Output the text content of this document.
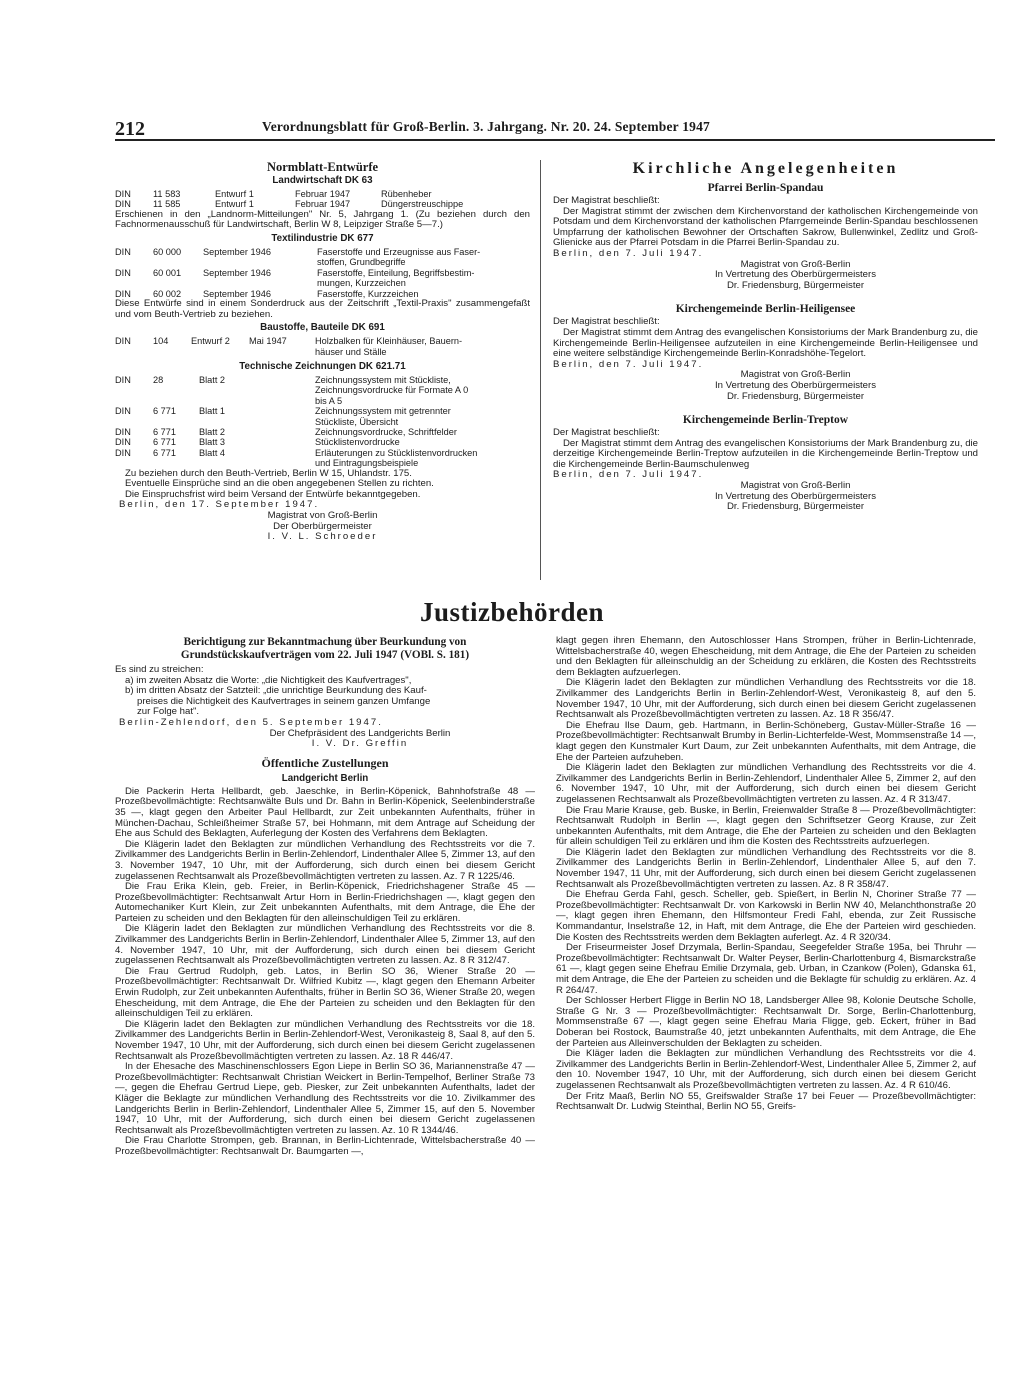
212	Verordnungsblatt für Groß-Berlin. 3. Jahrgang. Nr. 20. 24. September 1947
Normblatt-Entwürfe
Landwirtschaft DK 63
DIN	11 583	Entwurf 1	Februar 1947	Rübenheber
DIN	11 585	Entwurf 1	Februar 1947	Düngerstreuschippe
Erschienen in den „Landnorm-Mitteilungen" Nr. 5, Jahrgang 1. (Zu beziehen durch den Fachnormenausschuß für Landwirtschaft, Berlin W 8, Leipziger Straße 5—7.)
Textilindustrie DK 677
DIN	60 000	September 1946	Faserstoffe und Erzeugnisse aus Faser-
stoffen, Grundbegriffe
DIN	60 001	September 1946	Faserstoffe, Einteilung, Begriffsbestim-
mungen, Kurzzeichen
DIN	60 002	September 1946	Faserstoffe, Kurzzeichen
Diese Entwürfe sind in einem Sonderdruck aus der Zeitschrift „Textil-Praxis" zusammengefaßt und vom Beuth-Vertrieb zu beziehen.
Baustoffe, Bauteile DK 691
DIN	104	Entwurf 2	Mai 1947	Holzbalken für Kleinhäuser, Bauern-
häuser und Ställe
Technische Zeichnungen DK 621.71
DIN	28	Blatt 2	Zeichnungssystem mit Stückliste,
			Zeichnungsvordrucke für Formate A 0
			bis A 5
DIN	6 771	Blatt 1	Zeichnungssystem mit getrennter
			Stückliste, Übersicht
DIN	6 771	Blatt 2	Zeichnungsvordrucke, Schriftfelder
DIN	6 771	Blatt 3	Stücklistenvordrucke
DIN	6 771	Blatt 4	Erläuterungen zu Stücklistenvordrucken
			und Eintragungsbeispiele

Zu beziehen durch den Beuth-Vertrieb, Berlin W 15, Uhlandstr. 175.

Eventuelle Einsprüche sind an die oben angegebenen Stellen zu richten.

Die Einspruchsfrist wird beim Versand der Entwürfe bekanntgegeben.

Berlin, den 17. September 1947.
Magistrat von Groß-Berlin
Der Oberbürgermeister
I. V. L. Schroeder
Kirchliche Angelegenheiten
Pfarrei Berlin-Spandau
Der Magistrat beschließt:

Der Magistrat stimmt der zwischen dem Kirchenvorstand der katholischen Kirchengemeinde von Potsdam und dem Kirchenvorstand der katholischen Pfarrgemeinde Berlin-Spandau beschlossenen Umpfarrung der katholischen Bewohner der Ortschaften Sakrow, Bullenwinkel, Zedlitz und Groß-Glienicke aus der Pfarrei Potsdam in die Pfarrei Berlin-Spandau zu.

Berlin, den 7. Juli 1947.
Magistrat von Groß-Berlin
In Vertretung des Oberbürgermeisters
Dr. Friedensburg, Bürgermeister
Kirchengemeinde Berlin-Heiligensee
Der Magistrat beschließt:

Der Magistrat stimmt dem Antrag des evangelischen Konsistoriums der Mark Brandenburg zu, die Kirchengemeinde Berlin-Heiligensee aufzuteilen in eine Kirchengemeinde Berlin-Heiligensee und eine weitere selbständige Kirchengemeinde Berlin-Konradshöhe-Tegelort.

Berlin, den 7. Juli 1947.
Magistrat von Groß-Berlin
In Vertretung des Oberbürgermeisters
Dr. Friedensburg, Bürgermeister
Kirchengemeinde Berlin-Treptow
Der Magistrat beschließt:

Der Magistrat stimmt dem Antrag des evangelischen Konsistoriums der Mark Brandenburg zu, die derzeitige Kirchengemeinde Berlin-Treptow aufzuteilen in die Kirchengemeinde Berlin-Treptow und die Kirchengemeinde Berlin-Baumschulenweg

Berlin, den 7. Juli 1947.
Magistrat von Groß-Berlin
In Vertretung des Oberbürgermeisters
Dr. Friedensburg, Bürgermeister
Justizbehörden
Berichtigung zur Bekanntmachung über Beurkundung von
Grundstückskaufverträgen vom 22. Juli 1947 (VOBl. S. 181)
Es sind zu streichen:
a) im zweiten Absatz die Worte: „die Nichtigkeit des Kaufvertrages",
b) im dritten Absatz der Satzteil: „die unrichtige Beurkundung des Kauf-
preises die Nichtigkeit des Kaufvertrages in seinem ganzen Umfange
zur Folge hat".
Berlin-Zehlendorf, den 5. September 1947.
Der Chefpräsident des Landgerichts Berlin
I. V. Dr. Greffin
Öffentliche Zustellungen
Landgericht Berlin

Die Packerin Herta Hellbardt, geb. Jaeschke, in Berlin-Köpenick, Bahnhofstraße 48 — Prozeßbevollmächtigte: Rechtsanwälte Buls und Dr. Bahn in Berlin-Köpenick, Seelenbinderstraße 35 —, klagt gegen den Arbeiter Paul Hellbardt, zur Zeit unbekannten Aufenthalts, früher in München-Dachau, Schleißheimer Straße 57, bei Hohmann, mit dem Antrage auf Scheidung der Ehe aus Schuld des Beklagten, Auferlegung der Kosten des Verfahrens dem Beklagten.

Die Klägerin ladet den Beklagten zur mündlichen Verhandlung des Rechtsstreits vor die 7. Zivilkammer des Landgerichts Berlin in Berlin-Zehlendorf, Lindenthaler Allee 5, Zimmer 13, auf den 3. November 1947, 10 Uhr, mit der Aufforderung, sich durch einen bei diesem Gericht zugelassenen Rechtsanwalt als Prozeßbevollmächtigten vertreten zu lassen. Az. 7 R 1225/46.

Die Frau Erika Klein, geb. Freier, in Berlin-Köpenick, Friedrichshagener Straße 45 — Prozeßbevollmächtigter: Rechtsanwalt Artur Horn in Berlin-Friedrichshagen —, klagt gegen den Automechaniker Kurt Klein, zur Zeit unbekannten Aufenthalts, mit dem Antrage, die Ehe der Parteien zu scheiden und den Beklagten für den alleinschuldigen Teil zu erklären.

Die Klägerin ladet den Beklagten zur mündlichen Verhandlung des Rechtsstreits vor die 8. Zivilkammer des Landgerichts Berlin in Berlin-Zehlendorf, Lindenthaler Allee 5, Zimmer 13, auf den 4. November 1947, 10 Uhr, mit der Aufforderung, sich durch einen bei diesem Gericht zugelassenen Rechtsanwalt als Prozeßbevollmächtigten vertreten zu lassen. Az. 8 R 312/47.

Die Frau Gertrud Rudolph, geb. Latos, in Berlin SO 36, Wiener Straße 20 — Prozeßbevollmächtigter: Rechtsanwalt Dr. Wilfried Kubitz —, klagt gegen den Ehemann Arbeiter Erwin Rudolph, zur Zeit unbekannten Aufenthalts, früher in Berlin SO 36, Wiener Straße 20, wegen Ehescheidung, mit dem Antrage, die Ehe der Parteien zu scheiden und den Beklagten für den alleinschuldigen Teil zu erklären.

Die Klägerin ladet den Beklagten zur mündlichen Verhandlung des Rechtsstreits vor die 18. Zivilkammer des Landgerichts Berlin in Berlin-Zehlendorf-West, Veronikasteig 8, Saal 8, auf den 5. November 1947, 10 Uhr, mit der Aufforderung, sich durch einen bei diesem Gericht zugelassenen Rechtsanwalt als Prozeßbevollmächtigten vertreten zu lassen. Az. 18 R 446/47.

In der Ehesache des Maschinenschlossers Egon Liepe in Berlin SO 36, Mariannenstraße 47 — Prozeßbevollmächtigter: Rechtsanwalt Christian Weickert in Berlin-Tempelhof, Berliner Straße 73 —, gegen die Ehefrau Gertrud Liepe, geb. Piesker, zur Zeit unbekannten Aufenthalts, ladet der Kläger die Beklagte zur mündlichen Verhandlung des Rechtsstreits vor die 10. Zivilkammer des Landgerichts Berlin in Berlin-Zehlendorf, Lindenthaler Allee 5, Zimmer 15, auf den 5. November 1947, 10 Uhr, mit der Aufforderung, sich durch einen bei diesem Gericht zugelassenen Rechtsanwalt als Prozeßbevollmächtigten vertreten zu lassen. Az. 10 R 1344/46.

Die Frau Charlotte Strompen, geb. Brannan, in Berlin-Lichtenrade, Wittelsbacherstraße 40 — Prozeßbevollmächtigter: Rechtsanwalt Dr. Baumgarten —,

klagt gegen ihren Ehemann, den Autoschlosser Hans Strompen, früher in Berlin-Lichtenrade, Wittelsbacherstraße 40, wegen Ehescheidung, mit dem Antrage, die Ehe der Parteien zu scheiden und den Beklagten für alleinschuldig an der Scheidung zu erklären, die Kosten des Rechtsstreits dem Beklagten aufzuerlegen.

Die Klägerin ladet den Beklagten zur mündlichen Verhandlung des Rechtsstreits vor die 18. Zivilkammer des Landgerichts Berlin in Berlin-Zehlendorf-West, Veronikasteig 8, auf den 5. November 1947, 10 Uhr, mit der Aufforderung, sich durch einen bei diesem Gericht zugelassenen Rechtsanwalt als Prozeßbevollmächtigten vertreten zu lassen. Az. 18 R 356/47.

Die Ehefrau Ilse Daum, geb. Hartmann, in Berlin-Schöneberg, Gustav-Müller-Straße 16 — Prozeßbevollmächtigter: Rechtsanwalt Brumby in Berlin-Lichterfelde-West, Mommsenstraße 14 —, klagt gegen den Kunstmaler Kurt Daum, zur Zeit unbekannten Aufenthalts, mit dem Antrage, die Ehe der Parteien aufzuheben.

Die Klägerin ladet den Beklagten zur mündlichen Verhandlung des Rechtsstreits vor die 4. Zivilkammer des Landgerichts Berlin in Berlin-Zehlendorf, Lindenthaler Allee 5, Zimmer 2, auf den 6. November 1947, 10 Uhr, mit der Aufforderung, sich durch einen bei diesem Gericht zugelassenen Rechtsanwalt als Prozeßbevollmächtigten vertreten zu lassen. Az. 4 R 313/47.

Die Frau Marie Krause, geb. Buske, in Berlin, Freienwalder Straße 8 — Prozeßbevollmächtigter: Rechtsanwalt Rudolph in Berlin —, klagt gegen den Schriftsetzer Georg Krause, zur Zeit unbekannten Aufenthalts, mit dem Antrage, die Ehe der Parteien zu scheiden und den Beklagten für allein schuldigen Teil zu erklären und ihm die Kosten des Rechtsstreits aufzuerlegen.

Die Klägerin ladet den Beklagten zur mündlichen Verhandlung des Rechtsstreits vor die 8. Zivilkammer des Landgerichts Berlin in Berlin-Zehlendorf, Lindenthaler Allee 5, auf den 7. November 1947, 11 Uhr, mit der Aufforderung, sich durch einen bei diesem Gericht zugelassenen Rechtsanwalt als Prozeßbevollmächtigten vertreten zu lassen. Az. 8 R 358/47.

Die Ehefrau Gerda Fahl, gesch. Scheller, geb. Spießert, in Berlin N, Choriner Straße 77 — Prozeßbevollmächtigter: Rechtsanwalt Dr. von Karkowski in Berlin NW 40, Melanchthonstraße 20 —, klagt gegen ihren Ehemann, den Hilfsmonteur Fredi Fahl, ebenda, zur Zeit Russische Kommandantur, Inselstraße 12, in Haft, mit dem Antrage, die Ehe der Parteien wird geschieden. Die Kosten des Rechtsstreits werden dem Beklagten auferlegt. Az. 4 R 320/34.

Der Friseurmeister Josef Drzymala, Berlin-Spandau, Seegefelder Straße 195a, bei Thruhr — Prozeßbevollmächtigter: Rechtsanwalt Dr. Walter Peyser, Berlin-Charlottenburg 4, Bismarckstraße 61 —, klagt gegen seine Ehefrau Emilie Drzymala, geb. Urban, in Czankow (Polen), Gdanska 61, mit dem Antrage, die Ehe der Parteien zu scheiden und die Beklagte für schuldig zu erklären. Az. 4 R 264/47.

Der Schlosser Herbert Fligge in Berlin NO 18, Landsberger Allee 98, Kolonie Deutsche Scholle, Straße G Nr. 3 — Prozeßbevollmächtigter: Rechtsanwalt Dr. Sorge, Berlin-Charlottenburg, Mommsenstraße 67 —, klagt gegen seine Ehefrau Maria Fligge, geb. Eckert, früher in Bad Doberan bei Rostock, Baumstraße 40, jetzt unbekannten Aufenthalts, mit dem Antrage, die Ehe der Parteien aus Alleinverschulden der Beklagten zu scheiden.

Die Kläger laden die Beklagten zur mündlichen Verhandlung des Rechtsstreits vor die 4. Zivilkammer des Landgerichts Berlin in Berlin-Zehlendorf-West, Lindenthaler Allee 5, Zimmer 2, auf den 10. November 1947, 10 Uhr, mit der Aufforderung, sich durch einen bei diesem Gericht zugelassenen Rechtsanwalt als Prozeßbevollmächtigten vertreten zu lassen. Az. 4 R 610/46.

Der Fritz Maaß, Berlin NO 55, Greifswalder Straße 17 bei Feuer — Prozeßbevollmächtigter: Rechtsanwalt Dr. Ludwig Steinthal, Berlin NO 55, Greifs-
